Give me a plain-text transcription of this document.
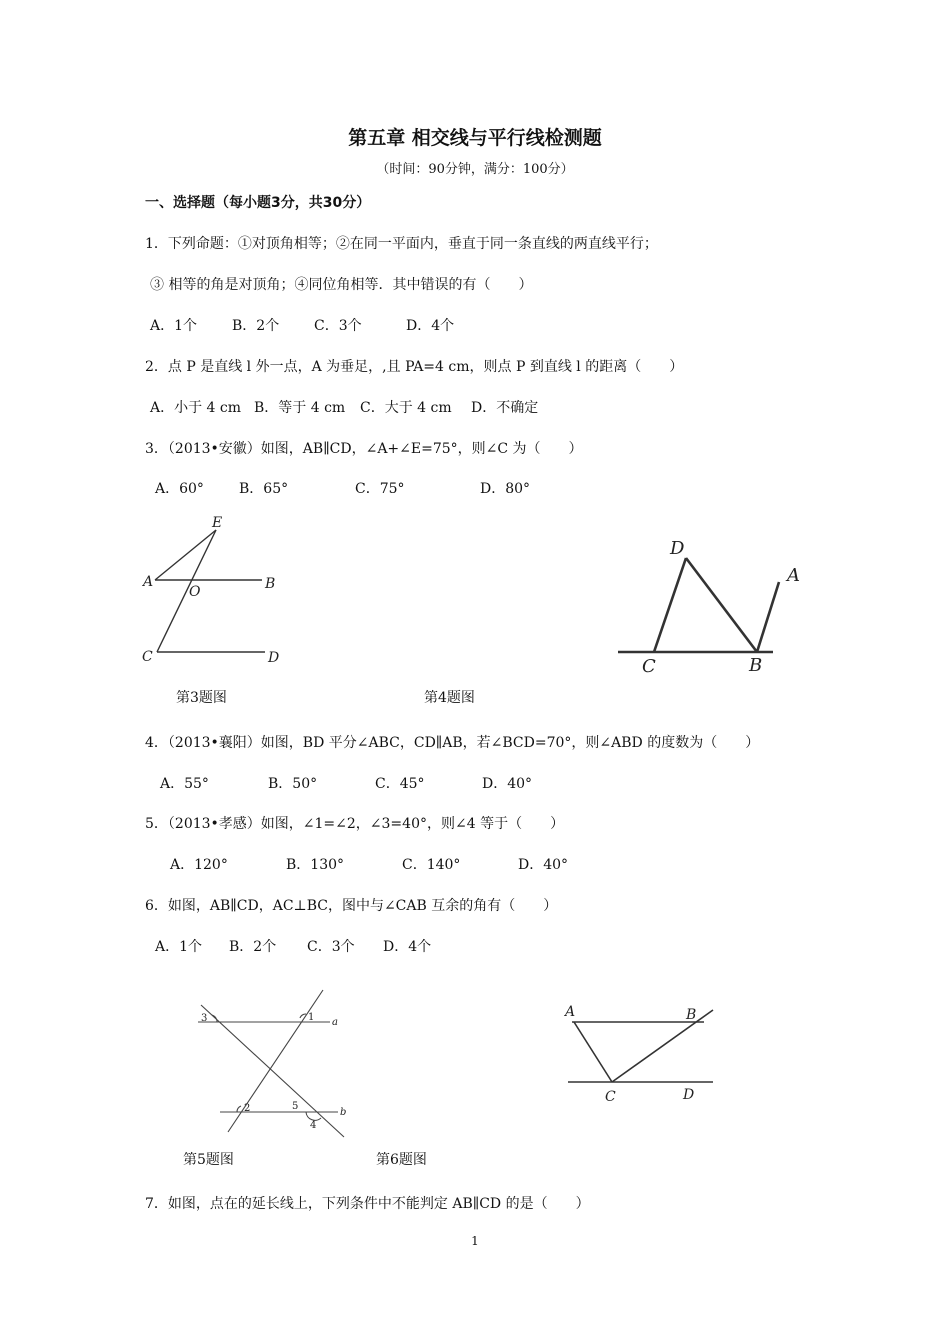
第五章 相交线与平行线检测题
（时间：90分钟，满分：100分）
一、选择题（每小题3分，共30分）
1．下列命题：①对顶角相等；②在同一平面内，垂直于同一条直线的两直线平行；
③ 相等的角是对顶角；④同位角相等．其中错误的有（　　）
A．1个 B．2个 C．3个	D．4个
2．点 P 是直线 l 外一点，A 为垂足，,且 PA=4 cm，则点 P 到直线 l 的距离（　　）
A．小于 4 cm B．等于 4 cm C．大于 4 cm D．不确定
3．（2013•安徽）如图，AB∥CD，∠A+∠E=75°，则∠C 为（　　）
A．60°	B．65°	C．75°	D．80°
E
A
O	B
C	D
D
A
C	B
第3题图	第4题图
4．（2013•襄阳）如图，BD 平分∠ABC，CD∥AB，若∠BCD=70°，则∠ABD 的度数为（　　）
A．55°	B．50°	C．45°	D．40°
5．（2013•孝感）如图，∠1=∠2，∠3=40°，则∠4 等于（　　）
A．120°	B．130°	C．140°	D．40°
6．如图，AB∥CD，AC⊥BC，图中与∠CAB 互余的角有（　　）
A．1个 B．2个 C．3个 D．4个
3	1 a
2	5
b
4
A	B
C	D
第5题图	第6题图
7．如图，点在的延长线上，下列条件中不能判定 AB∥CD 的是（　　）
1
